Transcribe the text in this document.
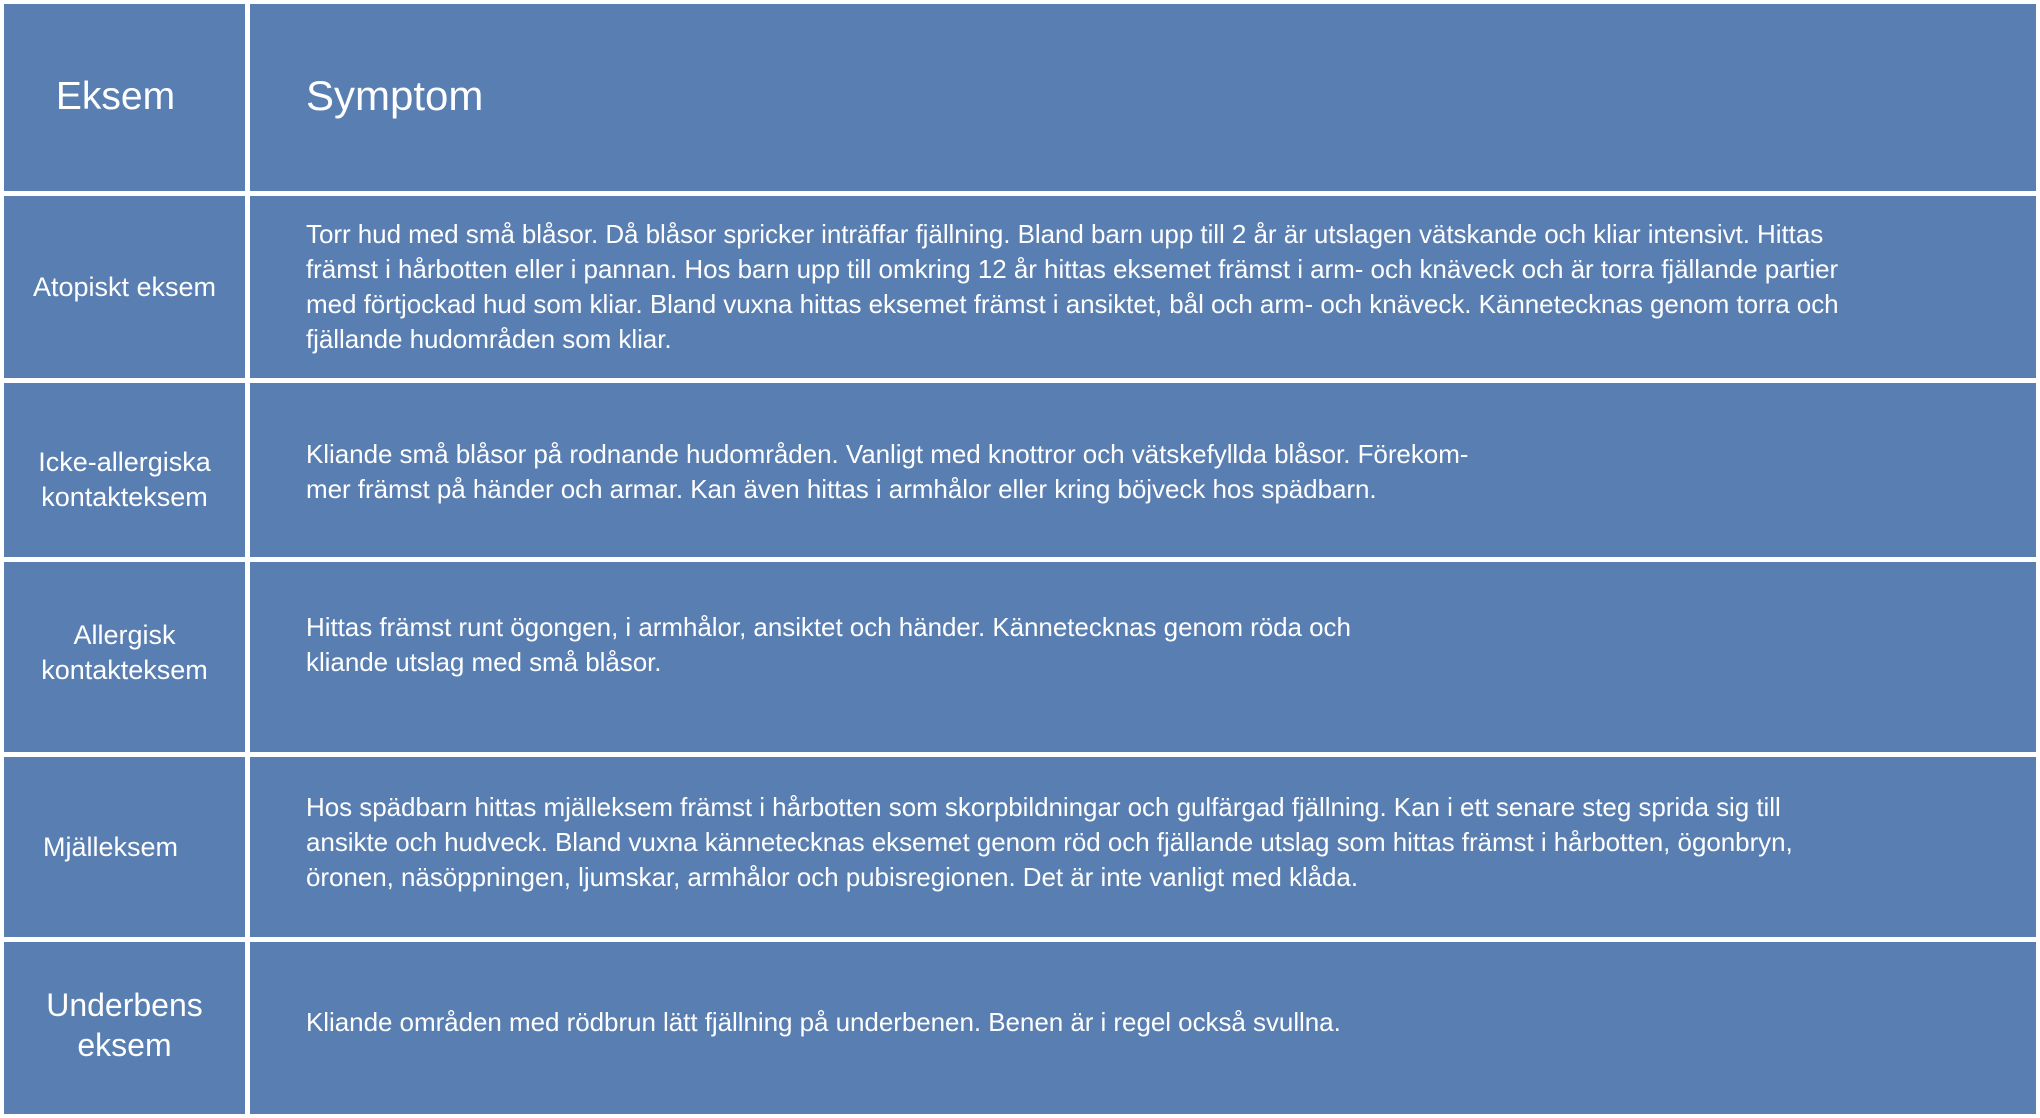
Eksem	Symptom
Atopiskt eksem
Torr hud med små blåsor. Då blåsor spricker inträffar fjällning. Bland barn upp till 2 år är utslagen vätskande och kliar intensivt. Hittas
främst i hårbotten eller i pannan. Hos barn upp till omkring 12 år hittas eksemet främst i arm- och knäveck och är torra fjällande partier
med förtjockad hud som kliar. Bland vuxna hittas eksemet främst i ansiktet, bål och arm- och knäveck. Kännetecknas genom torra och
fjällande hudområden som kliar.
Icke-allergiska
kontakteksem
Kliande små blåsor på rodnande hudområden. Vanligt med knottror och vätskefyllda blåsor. Förekom-
mer främst på händer och armar. Kan även hittas i armhålor eller kring böjveck hos spädbarn.
Allergisk
kontakteksem
Hittas främst runt ögongen, i armhålor, ansiktet och händer. Kännetecknas genom röda och
kliande utslag med små blåsor.
Mjälleksem
Hos spädbarn hittas mjälleksem främst i hårbotten som skorpbildningar och gulfärgad fjällning. Kan i ett senare steg sprida sig till
ansikte och hudveck. Bland vuxna kännetecknas eksemet genom röd och fjällande utslag som hittas främst i hårbotten, ögonbryn,
öronen, näsöppningen, ljumskar, armhålor och pubisregionen. Det är inte vanligt med klåda.
Underbens
eksem
Kliande områden med rödbrun lätt fjällning på underbenen. Benen är i regel också svullna.
